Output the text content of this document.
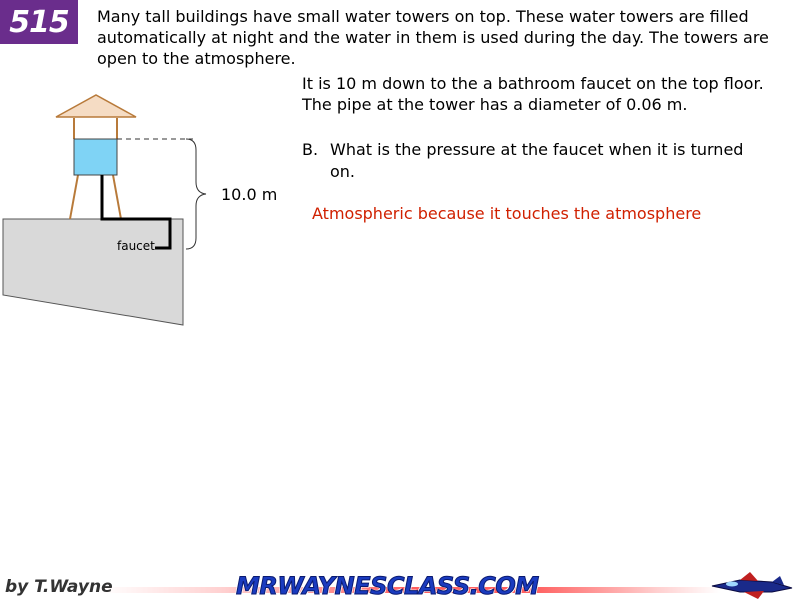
515	Many tall buildings have small water towers on top. These water towers are filled automatically at night and the water in them is used during the day. The towers are open to the atmosphere.
It is 10 m down to the a bathroom faucet on the top floor. The pipe at the tower has a diameter of 0.06 m.
B. What is the pressure at the faucet when it is turned on.
Atmospheric because it touches the atmosphere
10.0 m
faucet
by T.Wayne	MRWAYNESCLASS.COM
